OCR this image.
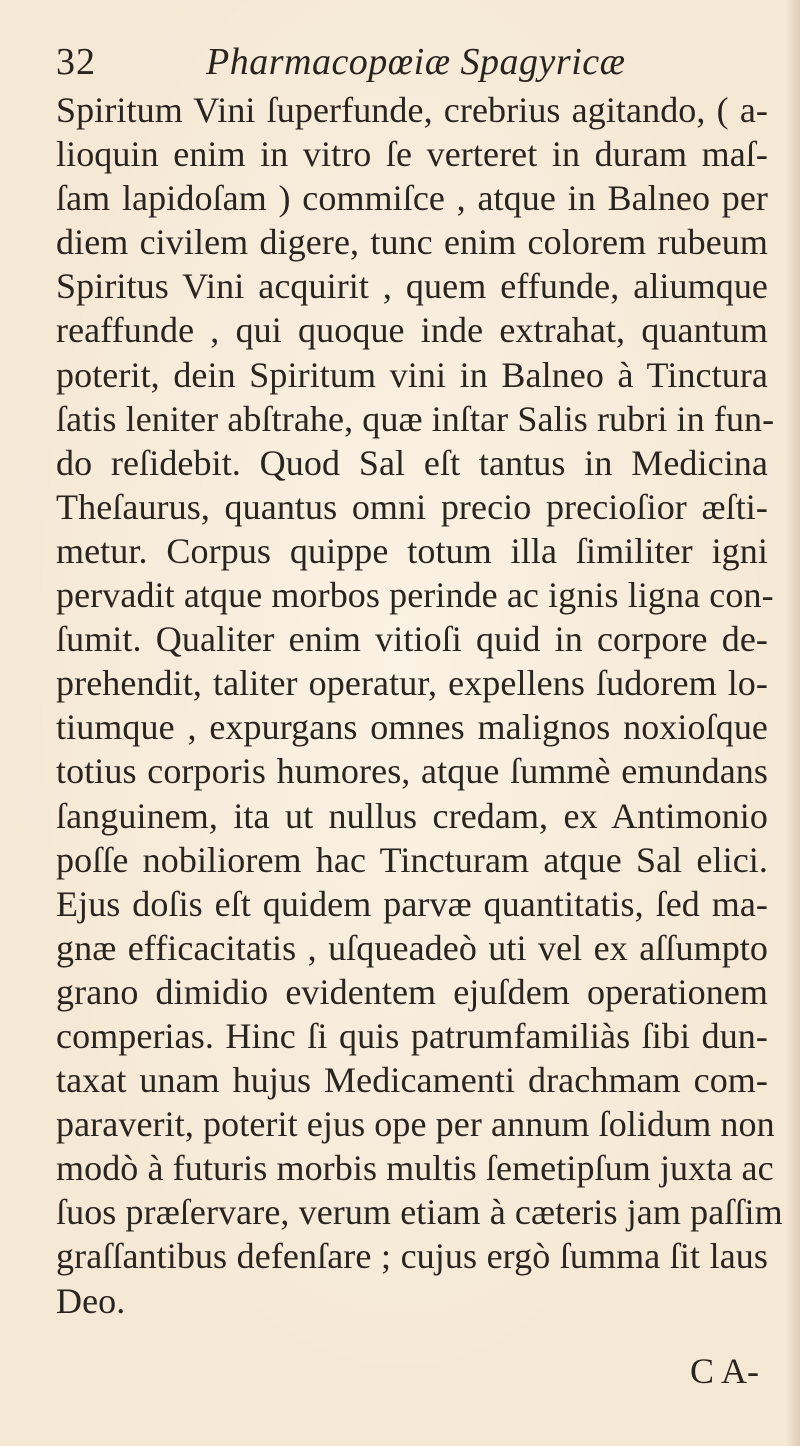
32	Pharmacopœiæ Spagyricæ
Spiritum Vini ſuperfunde, crebrius agitando, ( a-
lioquin enim in vitro ſe verteret in duram maſ-
ſam lapidoſam ) commiſce , atque in Balneo per
diem civilem digere, tunc enim colorem rubeum
Spiritus Vini acquirit , quem effunde, aliumque
reaffunde , qui quoque inde extrahat, quantum
poterit, dein Spiritum vini in Balneo à Tinctura
ſatis leniter abſtrahe, quæ inſtar Salis rubri in fun-
do reſidebit. Quod Sal eſt tantus in Medicina
Theſaurus, quantus omni precio precioſior æſti-
metur. Corpus quippe totum illa ſimiliter igni
pervadit atque morbos perinde ac ignis ligna con-
ſumit. Qualiter enim vitioſi quid in corpore de-
prehendit, taliter operatur, expellens ſudorem lo-
tiumque , expurgans omnes malignos noxioſque
totius corporis humores, atque ſummè emundans
ſanguinem, ita ut nullus credam, ex Antimonio
poſſe nobiliorem hac Tincturam atque Sal elici.
Ejus doſis eſt quidem parvæ quantitatis, ſed ma-
gnæ efficacitatis , uſqueadeò uti vel ex aſſumpto
grano dimidio evidentem ejuſdem operationem
comperias. Hinc ſi quis patrumfamiliàs ſibi dun-
taxat unam hujus Medicamenti drachmam com-
paraverit, poterit ejus ope per annum ſolidum non
modò à futuris morbis multis ſemetipſum juxta ac
ſuos præſervare, verum etiam à cæteris jam paſſim
graſſantibus defenſare ; cujus ergò ſumma ſit laus
Deo.
C A-
